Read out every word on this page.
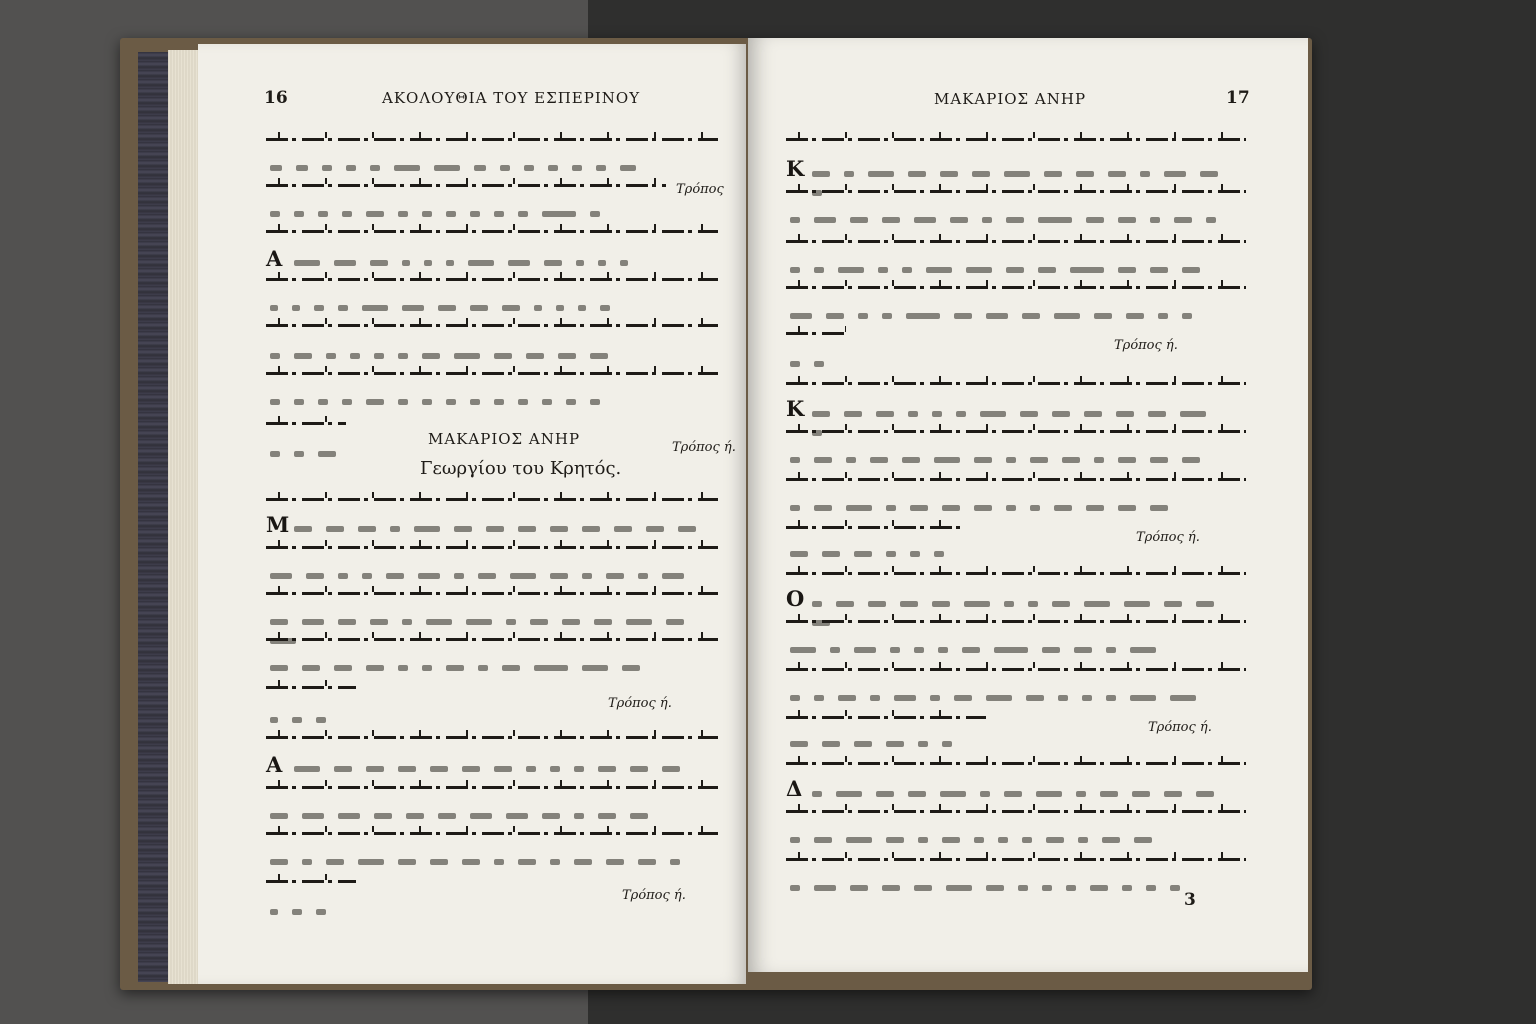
16	ΑΚΟΛΟΥΘΙΑ ΤΟΥ ΕΣΠΕΡΙΝΟΥ
Τρόπος
Α
ΜΑΚΑΡΙΟΣ ΑΝΗΡ	Τρόπος ή.
Γεωργίου του Κρητός.
Μ
Τρόπος ή.
Α
Τρόπος ή.
ΜΑΚΑΡΙΟΣ ΑΝΗΡ	17
Κ
Τρόπος ή.
Κ
Τρόπος ή.
Ο
Τρόπος ή.
Δ
3
